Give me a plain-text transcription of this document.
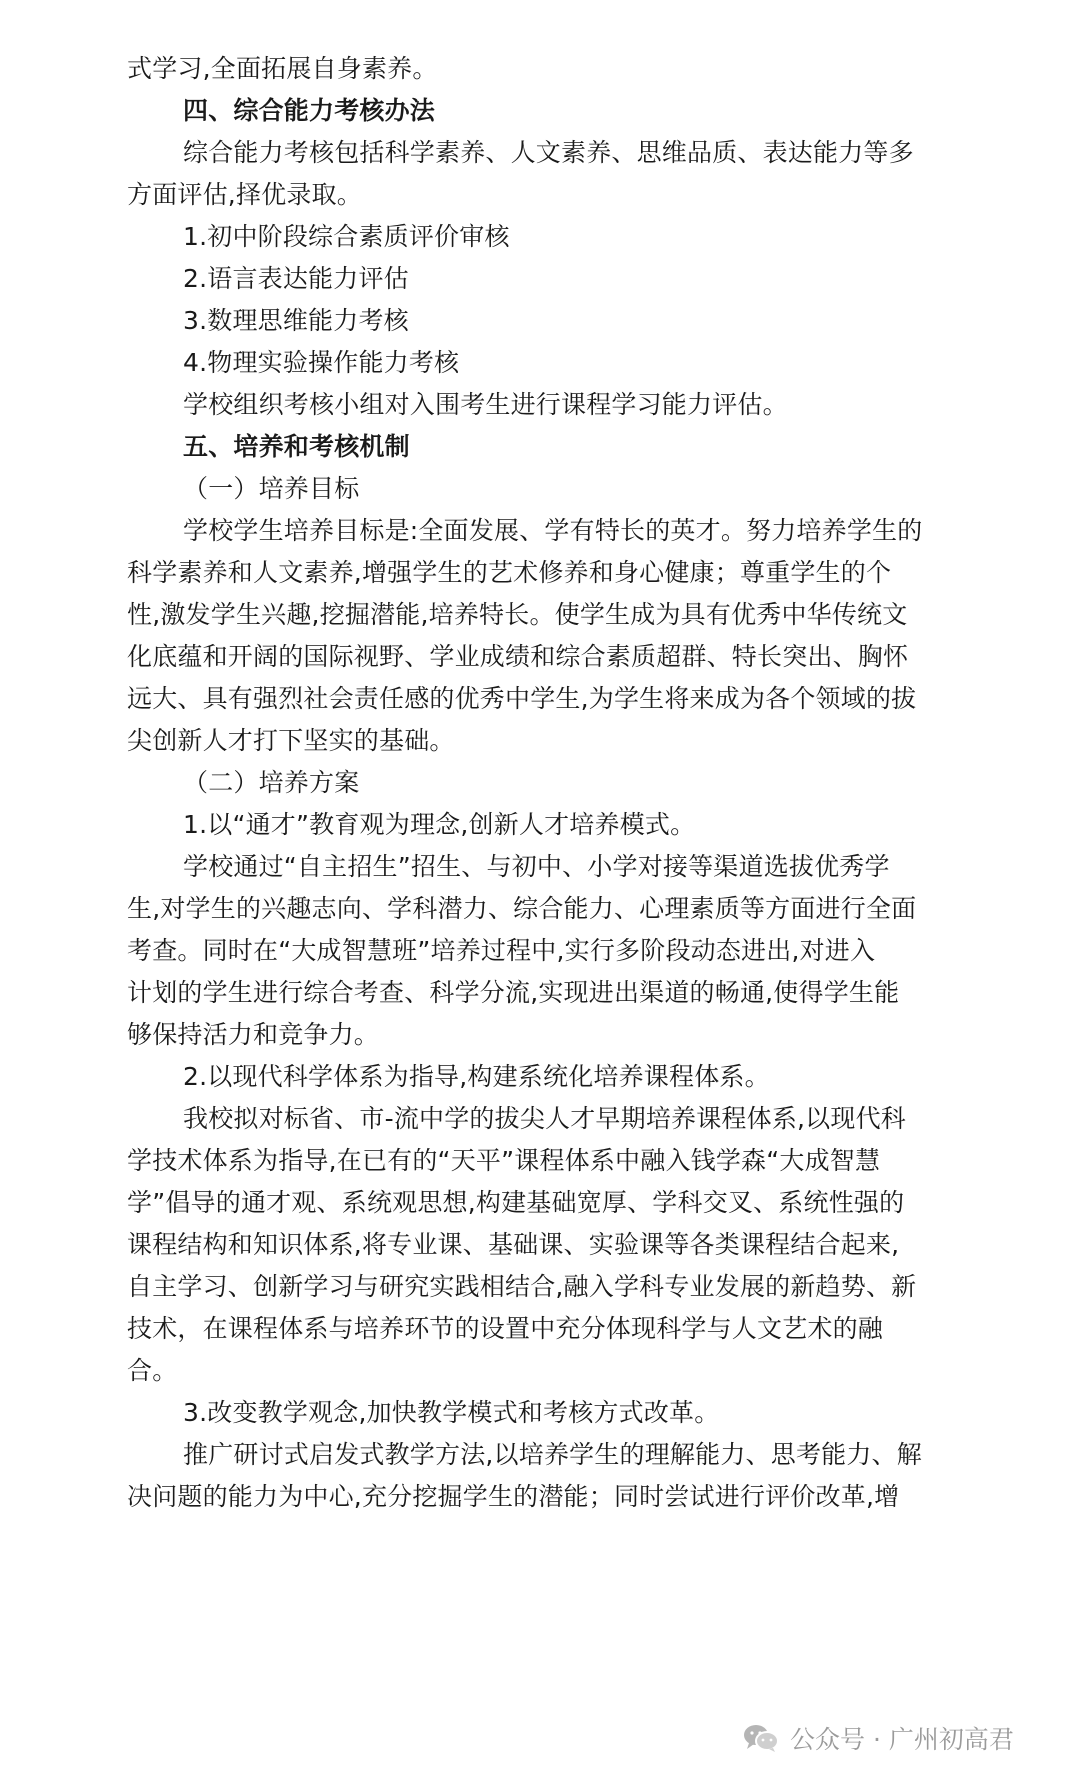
式学习,全面拓展自身素养。
四、综合能力考核办法
综合能力考核包括科学素养、人文素养、思维品质、表达能力等多
方面评估,择优录取。
1.初中阶段综合素质评价审核
2.语言表达能力评估
3.数理思维能力考核
4.物理实验操作能力考核
学校组织考核小组对入围考生进行课程学习能力评估。
五、培养和考核机制
（一）培养目标
学校学生培养目标是:全面发展、学有特长的英才。努力培养学生的
科学素养和人文素养,增强学生的艺术修养和身心健康；尊重学生的个
性,激发学生兴趣,挖掘潜能,培养特长。使学生成为具有优秀中华传统文
化底蕴和开阔的国际视野、学业成绩和综合素质超群、特长突出、胸怀
远大、具有强烈社会责任感的优秀中学生,为学生将来成为各个领域的拔
尖创新人才打下坚实的基础。
（二）培养方案
1.以“通才”教育观为理念,创新人才培养模式。
学校通过“自主招生”招生、与初中、小学对接等渠道选拔优秀学
生,对学生的兴趣志向、学科潜力、综合能力、心理素质等方面进行全面
考查。同时在“大成智慧班”培养过程中,实行多阶段动态进出,对进入
计划的学生进行综合考查、科学分流,实现进出渠道的畅通,使得学生能
够保持活力和竞争力。
2.以现代科学体系为指导,构建系统化培养课程体系。
我校拟对标省、市-流中学的拔尖人才早期培养课程体系,以现代科
学技术体系为指导,在已有的“天平”课程体系中融入钱学森“大成智慧
学”倡导的通才观、系统观思想,构建基础宽厚、学科交叉、系统性强的
课程结构和知识体系,将专业课、基础课、实验课等各类课程结合起来,
自主学习、创新学习与研究实践相结合,融入学科专业发展的新趋势、新
技术，在课程体系与培养环节的设置中充分体现科学与人文艺术的融
合。
3.改变教学观念,加快教学模式和考核方式改革。
推广研讨式启发式教学方法,以培养学生的理解能力、思考能力、解
决问题的能力为中心,充分挖掘学生的潜能；同时尝试进行评价改革,增
公众号 · 广州初高君
